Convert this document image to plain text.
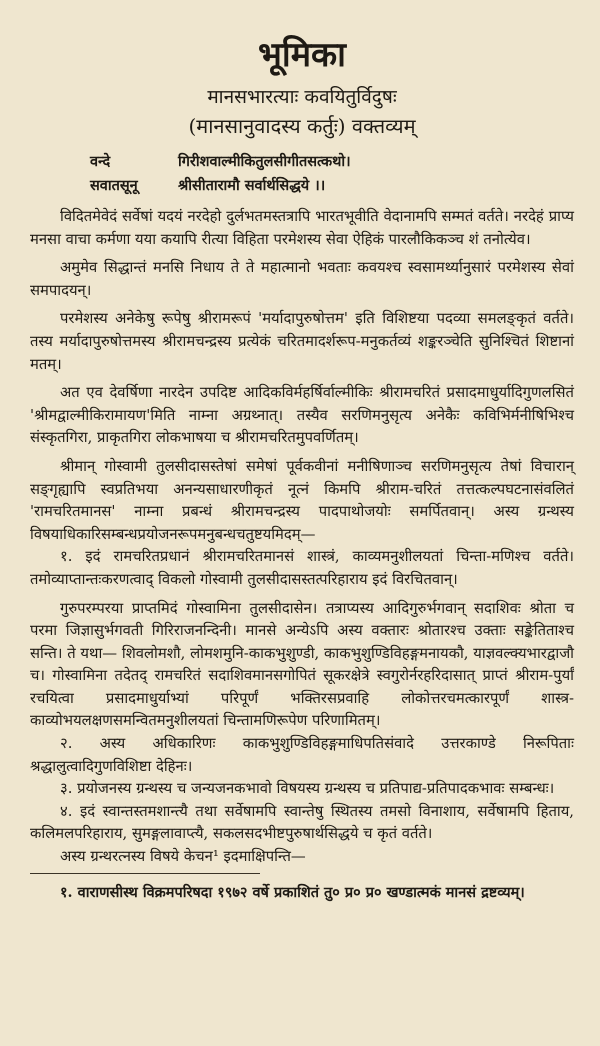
भूमिका
मानसभारत्याः कवयितुर्विदुषः
(मानसानुवादस्य कर्तुः) वक्तव्यम्
वन्दे	गिरीशवाल्मीकितुलसीगीतसत्कथो।
सवातसूनू	श्रीसीतारामौ सर्वार्थसिद्धये ।।

विदितमेवेदं सर्वेषां यदयं नरदेहो दुर्लभतमस्तत्रापि भारतभूवीति वेदानामपि सम्मतं वर्तते। नरदेहं प्राप्य मनसा वाचा कर्मणा यया कयापि रीत्या विहिता परमेशस्य सेवा ऐहिकं पारलौकिकञ्च शं तनोत्येव।

अमुमेव सिद्धान्तं मनसि निधाय ते ते महात्मानो भवताः कवयश्च स्वसामर्थ्यानुसारं परमेशस्य सेवां समपादयन्।

परमेशस्य अनेकेषु रूपेषु श्रीरामरूपं 'मर्यादापुरुषोत्तम' इति विशिष्टया पदव्या समलङ्कृतं वर्तते। तस्य मर्यादापुरुषोत्तमस्य श्रीरामचन्द्रस्य प्रत्येकं चरितमादर्शरूप-मनुकर्तव्यं शङ्करञ्चेति सुनिश्चितं शिष्टानां मतम्।

अत एव देवर्षिणा नारदेन उपदिष्ट आदिकविर्महर्षिर्वाल्मीकिः श्रीरामचरितं प्रसादमाधुर्यादिगुणलसितं 'श्रीमद्वाल्मीकिरामायण'मिति नाम्ना अग्रथ्नात्। तस्यैव सरणिमनुसृत्य अनेकैः कविभिर्मनीषिभिश्च संस्कृतगिरा, प्राकृतगिरा लोकभाषया च श्रीरामचरितमुपवर्णितम्।

श्रीमान् गोस्वामी तुलसीदासस्तेषां समेषां पूर्वकवीनां मनीषिणाञ्च सरणिमनुसृत्य तेषां विचारान् सङ्गृह्यापि स्वप्रतिभया अनन्यसाधारणीकृतं नूत्नं किमपि श्रीराम-चरितं तत्तत्कल्पघटनासंवलितं 'रामचरितमानस' नाम्ना प्रबन्धं श्रीरामचन्द्रस्य पादपाथोजयोः समर्पितवान्। अस्य ग्रन्थस्य विषयाधिकारिसम्बन्धप्रयोजनरूपमनुबन्धचतुष्टयमिदम्—

१. इदं रामचरितप्रधानं श्रीरामचरितमानसं शास्त्रं, काव्यमनुशीलयतां चिन्ता-मणिश्च वर्तते। तमोव्याप्तान्तःकरणत्वाद् विकलो गोस्वामी तुलसीदासस्तत्परिहाराय इदं विरचितवान्।

गुरुपरम्परया प्राप्तमिदं गोस्वामिना तुलसीदासेन। तत्राप्यस्य आदिगुरुर्भगवान् सदाशिवः श्रोता च परमा जिज्ञासुर्भगवती गिरिराजनन्दिनी। मानसे अन्येऽपि अस्य वक्तारः श्रोतारश्च उक्ताः सङ्केतिताश्च सन्ति। ते यथा— शिवलोमशौ, लोमशमुनि-काकभुशुण्डी, काकभुशुण्डिविहङ्गमनायकौ, याज्ञवल्क्यभारद्वाजौ च। गोस्वामिना तदेतद् रामचरितं सदाशिवमानसगोपितं सूकरक्षेत्रे स्वगुरोर्नरहरिदासात् प्राप्तं श्रीराम-पुर्यां रचयित्वा प्रसादमाधुर्याभ्यां परिपूर्णं भक्तिरसप्रवाहि लोकोत्तरचमत्कारपूर्णं शास्त्र-काव्योभयलक्षणसमन्वितमनुशीलयतां चिन्तामणिरूपेण परिणामितम्।

२. अस्य अधिकारिणः काकभुशुण्डिविहङ्गमाधिपतिसंवादे उत्तरकाण्डे निरूपिताः श्रद्धालुत्वादिगुणविशिष्टा देहिनः।

३. प्रयोजनस्य ग्रन्थस्य च जन्यजनकभावो विषयस्य ग्रन्थस्य च प्रतिपाद्य-प्रतिपादकभावः सम्बन्धः।

४. इदं स्वान्तस्तमशान्त्यै तथा सर्वेषामपि स्वान्तेषु स्थितस्य तमसो विनाशाय, सर्वेषामपि हिताय, कलिमलपरिहाराय, सुमङ्गलावाप्त्यै, सकलसदभीष्टपुरुषार्थसिद्धये च कृतं वर्तते।

अस्य ग्रन्थरत्नस्य विषये केचन¹ इदमाक्षिपन्ति—

१. वाराणसीस्थ विक्रमपरिषदा १९७२ वर्षे प्रकाशितं तु० प्र० प्र० खण्डात्मकं मानसं द्रष्टव्यम्।
